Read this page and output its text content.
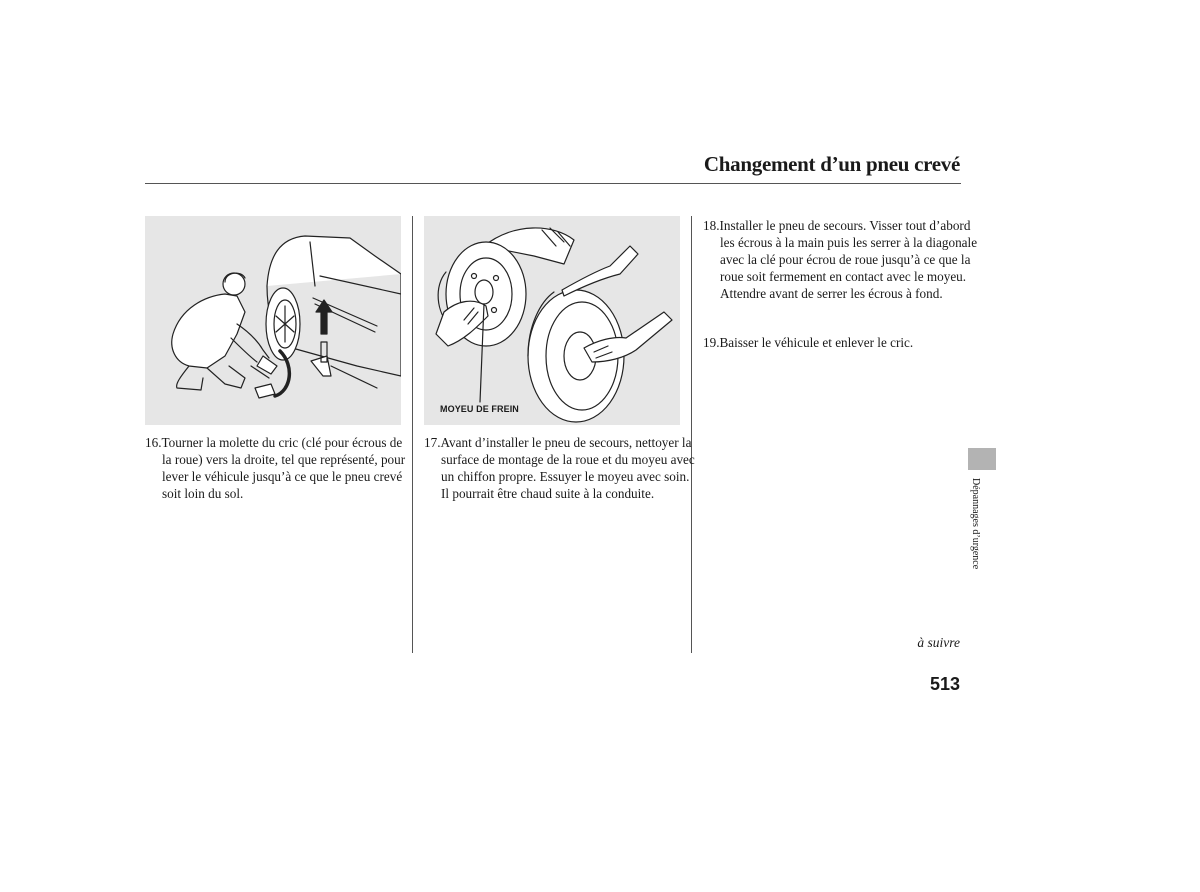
Changement d’un pneu crevé
MOYEU DE FREIN

16.Tourner la molette du cric (clé pour écrous de la roue) vers la droite, tel que représenté, pour lever le véhicule jusqu’à ce que le pneu crevé soit loin du sol.

17.Avant d’installer le pneu de secours, nettoyer la surface de montage de la roue et du moyeu avec un chiffon propre. Essuyer le moyeu avec soin. Il pourrait être chaud suite à la conduite.

18.Installer le pneu de secours. Visser tout d’abord les écrous à la main puis les serrer à la diagonale avec la clé pour écrou de roue jusqu’à ce que la roue soit fermement en contact avec le moyeu. Attendre avant de serrer les écrous à fond.

19.Baisser le véhicule et enlever le cric.

Dépannages d’urgence
à suivre
513
